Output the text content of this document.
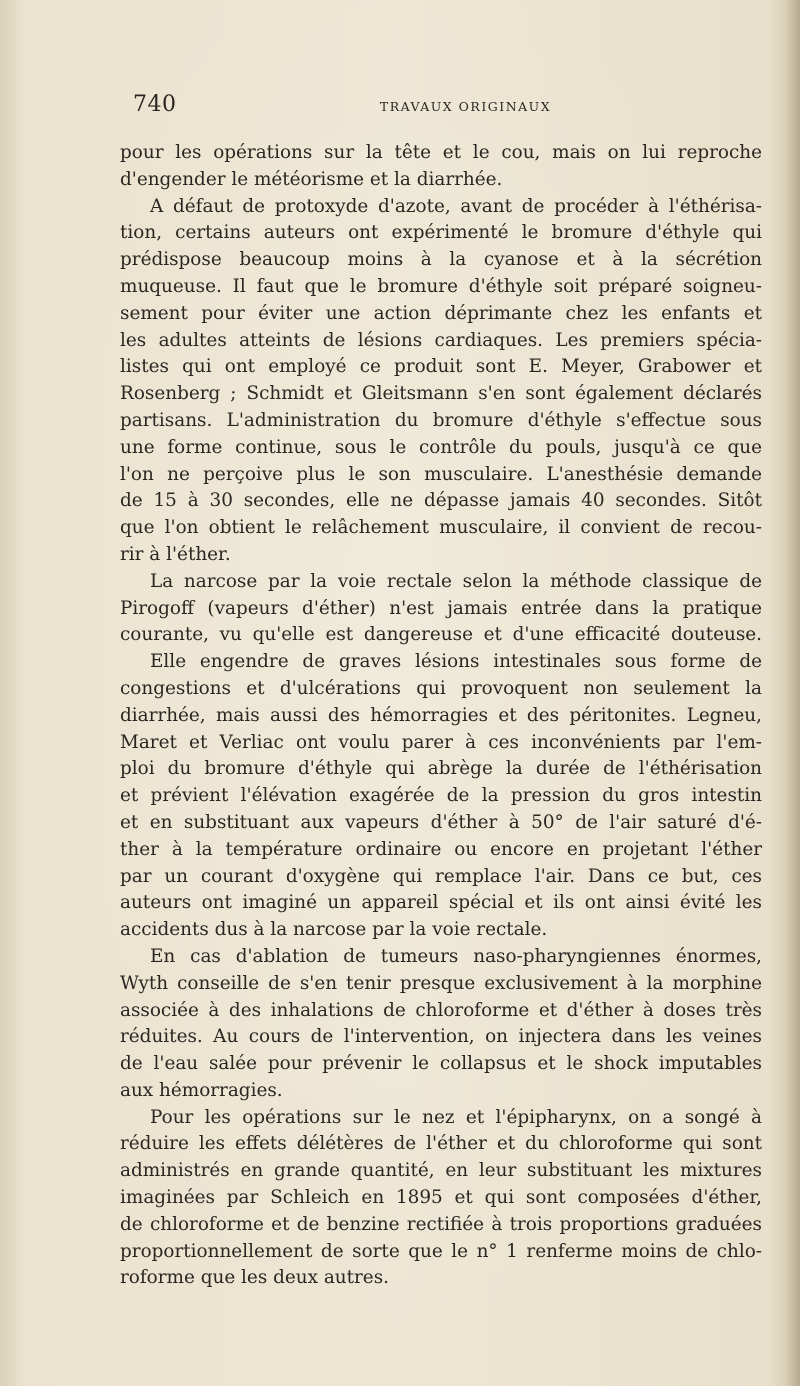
740	TRAVAUX ORIGINAUX
pour les opérations sur la tête et le cou, mais on lui reproche
d'engender le météorisme et la diarrhée.
A défaut de protoxyde d'azote, avant de procéder à l'éthérisa-
tion, certains auteurs ont expérimenté le bromure d'éthyle qui
prédispose beaucoup moins à la cyanose et à la sécrétion
muqueuse. Il faut que le bromure d'éthyle soit préparé soigneu-
sement pour éviter une action déprimante chez les enfants et
les adultes atteints de lésions cardiaques. Les premiers spécia-
listes qui ont employé ce produit sont E. Meyer, Grabower et
Rosenberg ; Schmidt et Gleitsmann s'en sont également déclarés
partisans. L'administration du bromure d'éthyle s'effectue sous
une forme continue, sous le contrôle du pouls, jusqu'à ce que
l'on ne perçoive plus le son musculaire. L'anesthésie demande
de 15 à 30 secondes, elle ne dépasse jamais 40 secondes. Sitôt
que l'on obtient le relâchement musculaire, il convient de recou-
rir à l'éther.
La narcose par la voie rectale selon la méthode classique de
Pirogoff (vapeurs d'éther) n'est jamais entrée dans la pratique
courante, vu qu'elle est dangereuse et d'une efficacité douteuse.
Elle engendre de graves lésions intestinales sous forme de
congestions et d'ulcérations qui provoquent non seulement la
diarrhée, mais aussi des hémorragies et des péritonites. Legneu,
Maret et Verliac ont voulu parer à ces inconvénients par l'em-
ploi du bromure d'éthyle qui abrège la durée de l'éthérisation
et prévient l'élévation exagérée de la pression du gros intestin
et en substituant aux vapeurs d'éther à 50° de l'air saturé d'é-
ther à la température ordinaire ou encore en projetant l'éther
par un courant d'oxygène qui remplace l'air. Dans ce but, ces
auteurs ont imaginé un appareil spécial et ils ont ainsi évité les
accidents dus à la narcose par la voie rectale.
En cas d'ablation de tumeurs naso-pharyngiennes énormes,
Wyth conseille de s'en tenir presque exclusivement à la morphine
associée à des inhalations de chloroforme et d'éther à doses très
réduites. Au cours de l'intervention, on injectera dans les veines
de l'eau salée pour prévenir le collapsus et le shock imputables
aux hémorragies.
Pour les opérations sur le nez et l'épipharynx, on a songé à
réduire les effets délétères de l'éther et du chloroforme qui sont
administrés en grande quantité, en leur substituant les mixtures
imaginées par Schleich en 1895 et qui sont composées d'éther,
de chloroforme et de benzine rectifiée à trois proportions graduées
proportionnellement de sorte que le n° 1 renferme moins de chlo-
roforme que les deux autres.
